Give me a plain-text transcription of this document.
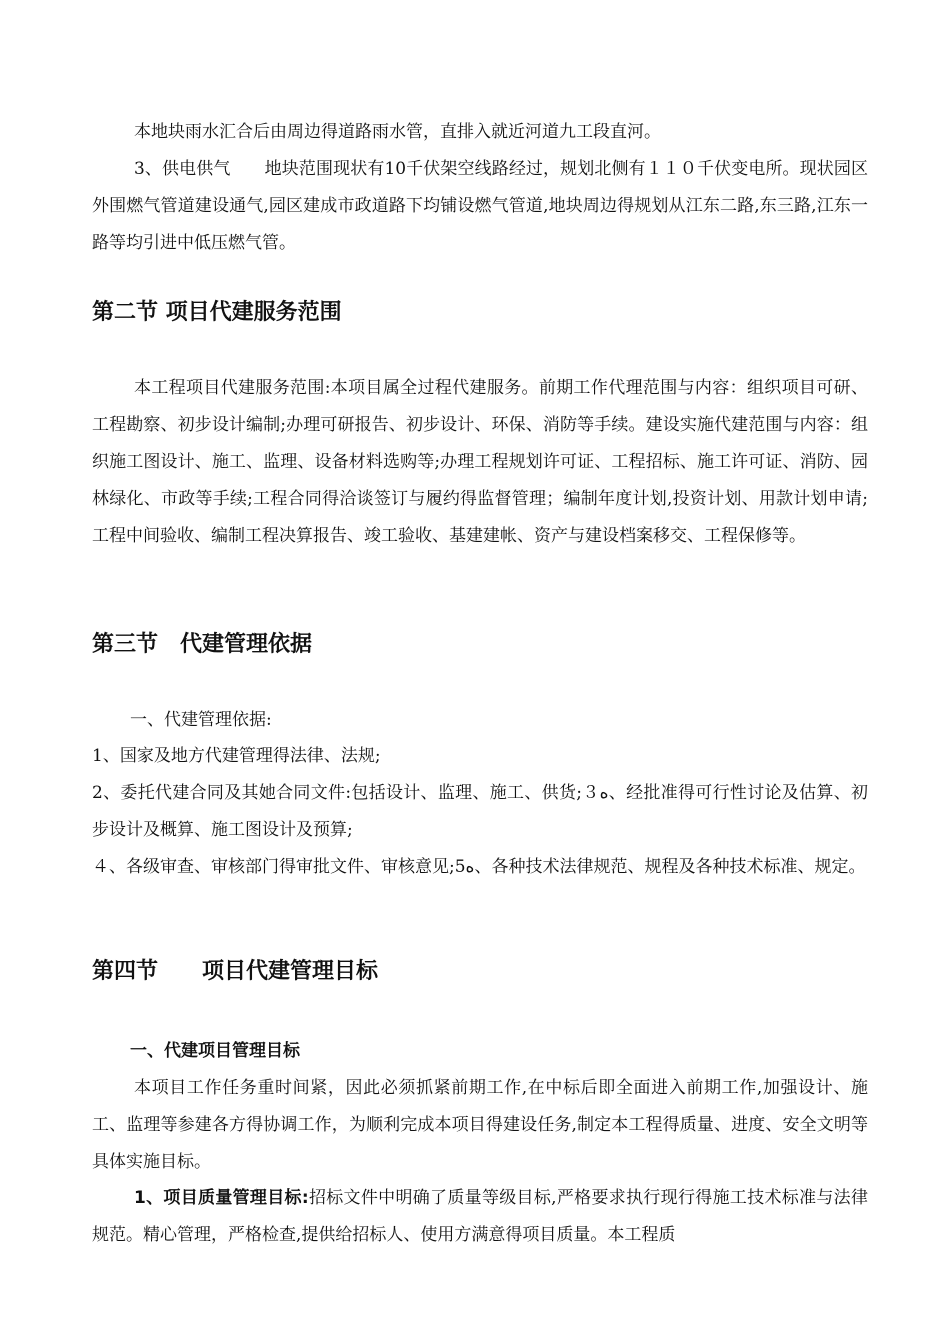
本地块雨水汇合后由周边得道路雨水管，直排入就近河道九工段直河。

3、供电供气　　地块范围现状有10千伏架空线路经过，规划北侧有１１０千伏变电所。现状园区外围燃气管道建设通气,园区建成市政道路下均铺设燃气管道,地块周边得规划从江东二路,东三路,江东一路等均引进中低压燃气管。

第二节 项目代建服务范围

本工程项目代建服务范围:本项目属全过程代建服务。前期工作代理范围与内容：组织项目可研、工程勘察、初步设计编制;办理可研报告、初步设计、环保、消防等手续。建设实施代建范围与内容：组织施工图设计、施工、监理、设备材料选购等;办理工程规划许可证、工程招标、施工许可证、消防、园林绿化、市政等手续;工程合同得洽谈签订与履约得监督管理；编制年度计划,投资计划、用款计划申请;工程中间验收、编制工程决算报告、竣工验收、基建建帐、资产与建设档案移交、工程保修等。

第三节　代建管理依据

一、代建管理依据:

1、国家及地方代建管理得法律、法规;

2、委托代建合同及其她合同文件:包括设计、监理、施工、供货;３ﻩ、经批准得可行性讨论及估算、初步设计及概算、施工图设计及预算;

４、各级审查、审核部门得审批文件、审核意见;5ﻩ、各种技术法律规范、规程及各种技术标准、规定。

第四节　　项目代建管理目标

一、代建项目管理目标

本项目工作任务重时间紧，因此必须抓紧前期工作,在中标后即全面进入前期工作,加强设计、施工、监理等参建各方得协调工作，为顺利完成本项目得建设任务,制定本工程得质量、进度、安全文明等具体实施目标。

1、项目质量管理目标:招标文件中明确了质量等级目标,严格要求执行现行得施工技术标准与法律规范。精心管理，严格检查,提供给招标人、使用方满意得项目质量。本工程质
